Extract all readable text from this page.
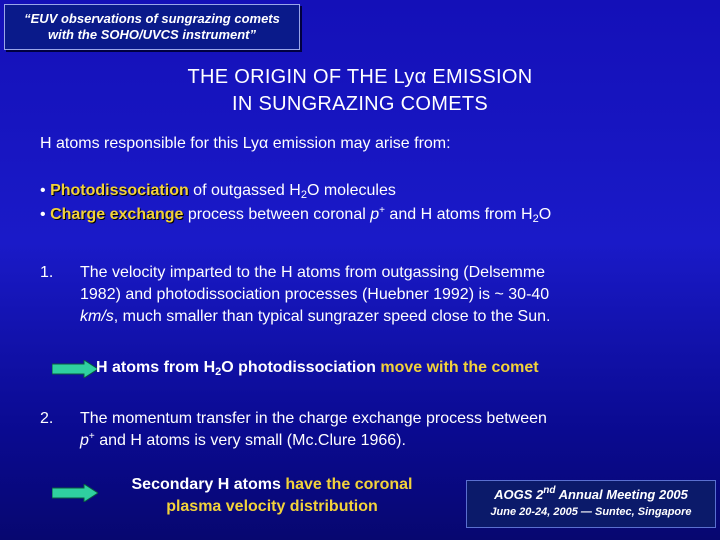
“EUV observations of sungrazing comets
with the SOHO/UVCS instrument”
THE ORIGIN OF THE Lyα EMISSION
IN SUNGRAZING COMETS
H atoms responsible for this Lyα emission may arise from:
• Photodissociation of outgassed $H_2O$ molecules
• Charge exchange process between coronal p+ and H atoms from $H_2O$
1. The velocity imparted to the H atoms from outgassing (Delsemme
1982) and photodissociation processes (Huebner 1992) is ~ 30-40
km/s, much smaller than typical sungrazer speed close to the Sun.
H atoms from $H_2O$ photodissociation move with the comet
2. The momentum transfer in the charge exchange process between
p+ and H atoms is very small (Mc.Clure 1966).
Secondary H atoms have the coronal
plasma velocity distribution
AOGS 2nd Annual Meeting 2005
June 20-24, 2005 — Suntec, Singapore
